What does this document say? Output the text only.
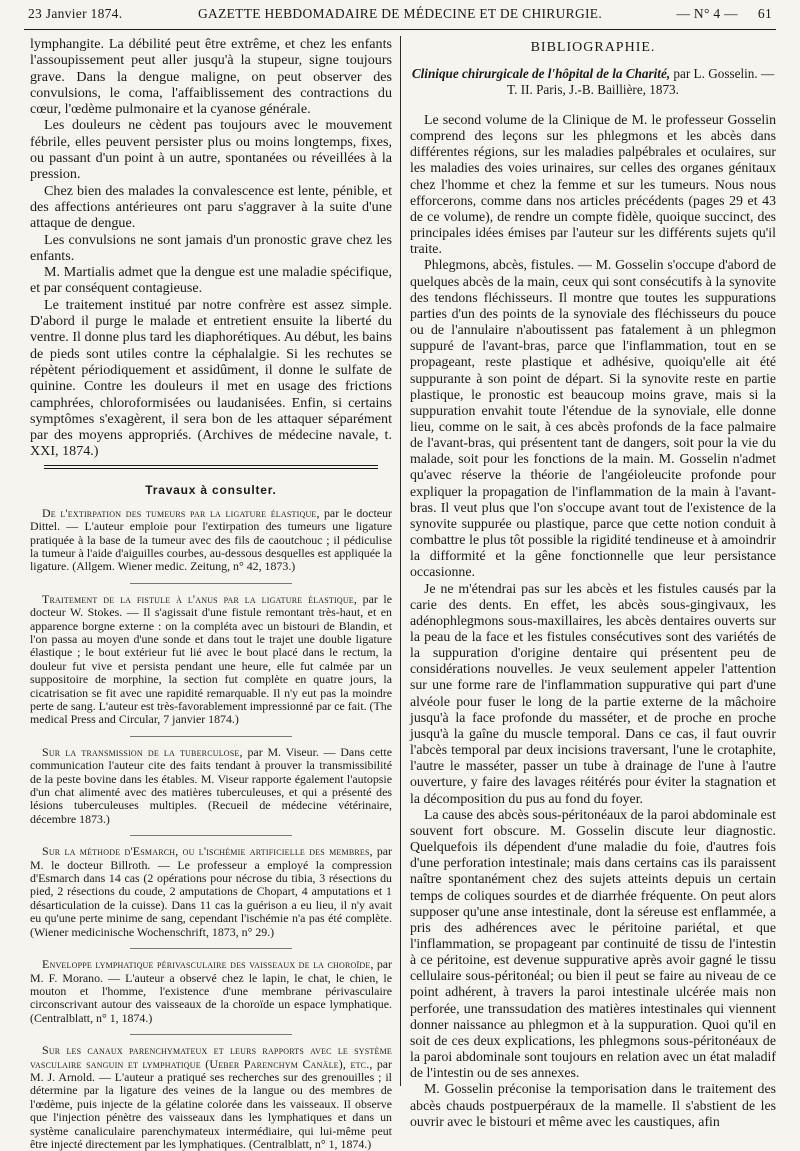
23 Janvier 1874.	GAZETTE HEBDOMADAIRE DE MÉDECINE ET DE CHIRURGIE.	— N° 4 — 61

lymphangite. La débilité peut être extrême, et chez les enfants l'assoupissement peut aller jusqu'à la stupeur, signe toujours grave. Dans la dengue maligne, on peut observer des convulsions, le coma, l'affaiblissement des contractions du cœur, l'œdème pulmonaire et la cyanose générale.

Les douleurs ne cèdent pas toujours avec le mouvement fébrile, elles peuvent persister plus ou moins longtemps, fixes, ou passant d'un point à un autre, spontanées ou réveillées à la pression.

Chez bien des malades la convalescence est lente, pénible, et des affections antérieures ont paru s'aggraver à la suite d'une attaque de dengue.

Les convulsions ne sont jamais d'un pronostic grave chez les enfants.

M. Martialis admet que la dengue est une maladie spécifique, et par conséquent contagieuse.

Le traitement institué par notre confrère est assez simple. D'abord il purge le malade et entretient ensuite la liberté du ventre. Il donne plus tard les diaphorétiques. Au début, les bains de pieds sont utiles contre la céphalalgie. Si les rechutes se répètent périodiquement et assidûment, il donne le sulfate de quinine. Contre les douleurs il met en usage des frictions camphrées, chloroformisées ou laudanisées. Enfin, si certains symptômes s'exagèrent, il sera bon de les attaquer séparément par des moyens appropriés. (Archives de médecine navale, t. XXI, 1874.)

Travaux à consulter.
De l'extirpation des tumeurs par la ligature élastique, par le docteur Dittel. — L'auteur emploie pour l'extirpation des tumeurs une ligature pratiquée à la base de la tumeur avec des fils de caoutchouc ; il pédiculise la tumeur à l'aide d'aiguilles courbes, au-dessous desquelles est appliquée la ligature. (Allgem. Wiener medic. Zeitung, n° 42, 1873.)
Traitement de la fistule à l'anus par la ligature élastique, par le docteur W. Stokes. — Il s'agissait d'une fistule remontant très-haut, et en apparence borgne externe : on la compléta avec un bistouri de Blandin, et l'on passa au moyen d'une sonde et dans tout le trajet une double ligature élastique ; le bout extérieur fut lié avec le bout placé dans le rectum, la douleur fut vive et persista pendant une heure, elle fut calmée par un suppositoire de morphine, la section fut complète en quatre jours, la cicatrisation se fit avec une rapidité remarquable. Il n'y eut pas la moindre perte de sang. L'auteur est très-favorablement impressionné par ce fait. (The medical Press and Circular, 7 janvier 1874.)
Sur la transmission de la tuberculose, par M. Viseur. — Dans cette communication l'auteur cite des faits tendant à prouver la transmissibilité de la peste bovine dans les étables. M. Viseur rapporte également l'autopsie d'un chat alimenté avec des matières tuberculeuses, et qui a présenté des lésions tuberculeuses multiples. (Recueil de médecine vétérinaire, décembre 1873.)
Sur la méthode d'Esmarch, ou l'ischémie artificielle des membres, par M. le docteur Billroth. — Le professeur a employé la compression d'Esmarch dans 14 cas (2 opérations pour nécrose du tibia, 3 résections du pied, 2 résections du coude, 2 amputations de Chopart, 4 amputations et 1 désarticulation de la cuisse). Dans 11 cas la guérison a eu lieu, il n'y avait eu qu'une perte minime de sang, cependant l'ischémie n'a pas été complète. (Wiener medicinische Wochenschrift, 1873, n° 29.)
Enveloppe lymphatique périvasculaire des vaisseaux de la choroïde, par M. F. Morano. — L'auteur a observé chez le lapin, le chat, le chien, le mouton et l'homme, l'existence d'une membrane périvasculaire circonscrivant autour des vaisseaux de la choroïde un espace lymphatique. (Centralblatt, n° 1, 1874.)
Sur les canaux parenchymateux et leurs rapports avec le système vasculaire sanguin et lymphatique (Ueber Parenchym Canäle), etc., par M. J. Arnold. — L'auteur a pratiqué ses recherches sur des grenouilles ; il détermine par la ligature des veines de la langue ou des membres de l'œdème, puis injecte de la gélatine colorée dans les vaisseaux. Il observe que l'injection pénètre des vaisseaux dans les lymphatiques et dans un système canaliculaire parenchymateux intermédiaire, qui lui-même peut être injecté directement par les lymphatiques. (Centralblatt, n° 1, 1874.)
BIBLIOGRAPHIE.
Clinique chirurgicale de l'hôpital de la Charité, par L. Gosselin. — T. II. Paris, J.-B. Baillière, 1873.

Le second volume de la Clinique de M. le professeur Gosselin comprend des leçons sur les phlegmons et les abcès dans différentes régions, sur les maladies palpébrales et oculaires, sur les maladies des voies urinaires, sur celles des organes génitaux chez l'homme et chez la femme et sur les tumeurs. Nous nous efforcerons, comme dans nos articles précédents (pages 29 et 43 de ce volume), de rendre un compte fidèle, quoique succinct, des principales idées émises par l'auteur sur les différents sujets qu'il traite.

Phlegmons, abcès, fistules. — M. Gosselin s'occupe d'abord de quelques abcès de la main, ceux qui sont consécutifs à la synovite des tendons fléchisseurs. Il montre que toutes les suppurations parties d'un des points de la synoviale des fléchisseurs du pouce ou de l'annulaire n'aboutissent pas fatalement à un phlegmon suppuré de l'avant-bras, parce que l'inflammation, tout en se propageant, reste plastique et adhésive, quoiqu'elle ait été suppurante à son point de départ. Si la synovite reste en partie plastique, le pronostic est beaucoup moins grave, mais si la suppuration envahit toute l'étendue de la synoviale, elle donne lieu, comme on le sait, à ces abcès profonds de la face palmaire de l'avant-bras, qui présentent tant de dangers, soit pour la vie du malade, soit pour les fonctions de la main. M. Gosselin n'admet qu'avec réserve la théorie de l'angéioleucite profonde pour expliquer la propagation de l'inflammation de la main à l'avant-bras. Il veut plus que l'on s'occupe avant tout de l'existence de la synovite suppurée ou plastique, parce que cette notion conduit à combattre le plus tôt possible la rigidité tendineuse et à amoindrir la difformité et la gêne fonctionnelle que leur persistance occasionne.

Je ne m'étendrai pas sur les abcès et les fistules causés par la carie des dents. En effet, les abcès sous-gingivaux, les adénophlegmons sous-maxillaires, les abcès dentaires ouverts sur la peau de la face et les fistules consécutives sont des variétés de la suppuration d'origine dentaire qui présentent peu de considérations nouvelles. Je veux seulement appeler l'attention sur une forme rare de l'inflammation suppurative qui part d'une alvéole pour fuser le long de la partie externe de la mâchoire jusqu'à la face profonde du masséter, et de proche en proche jusqu'à la gaîne du muscle temporal. Dans ce cas, il faut ouvrir l'abcès temporal par deux incisions traversant, l'une le crotaphite, l'autre le masséter, passer un tube à drainage de l'une à l'autre ouverture, y faire des lavages réitérés pour éviter la stagnation et la décomposition du pus au fond du foyer.

La cause des abcès sous-péritonéaux de la paroi abdominale est souvent fort obscure. M. Gosselin discute leur diagnostic. Quelquefois ils dépendent d'une maladie du foie, d'autres fois d'une perforation intestinale; mais dans certains cas ils paraissent naître spontanément chez des sujets atteints depuis un certain temps de coliques sourdes et de diarrhée fréquente. On peut alors supposer qu'une anse intestinale, dont la séreuse est enflammée, a pris des adhérences avec le péritoine pariétal, et que l'inflammation, se propageant par continuité de tissu de l'intestin à ce péritoine, est devenue suppurative après avoir gagné le tissu cellulaire sous-péritonéal; ou bien il peut se faire au niveau de ce point adhérent, à travers la paroi intestinale ulcérée mais non perforée, une transsudation des matières intestinales qui viennent donner naissance au phlegmon et à la suppuration. Quoi qu'il en soit de ces deux explications, les phlegmons sous-péritonéaux de la paroi abdominale sont toujours en relation avec un état maladif de l'intestin ou de ses annexes.

M. Gosselin préconise la temporisation dans le traitement des abcès chauds postpuerpéraux de la mamelle. Il s'abstient de les ouvrir avec le bistouri et même avec les caustiques, afin
